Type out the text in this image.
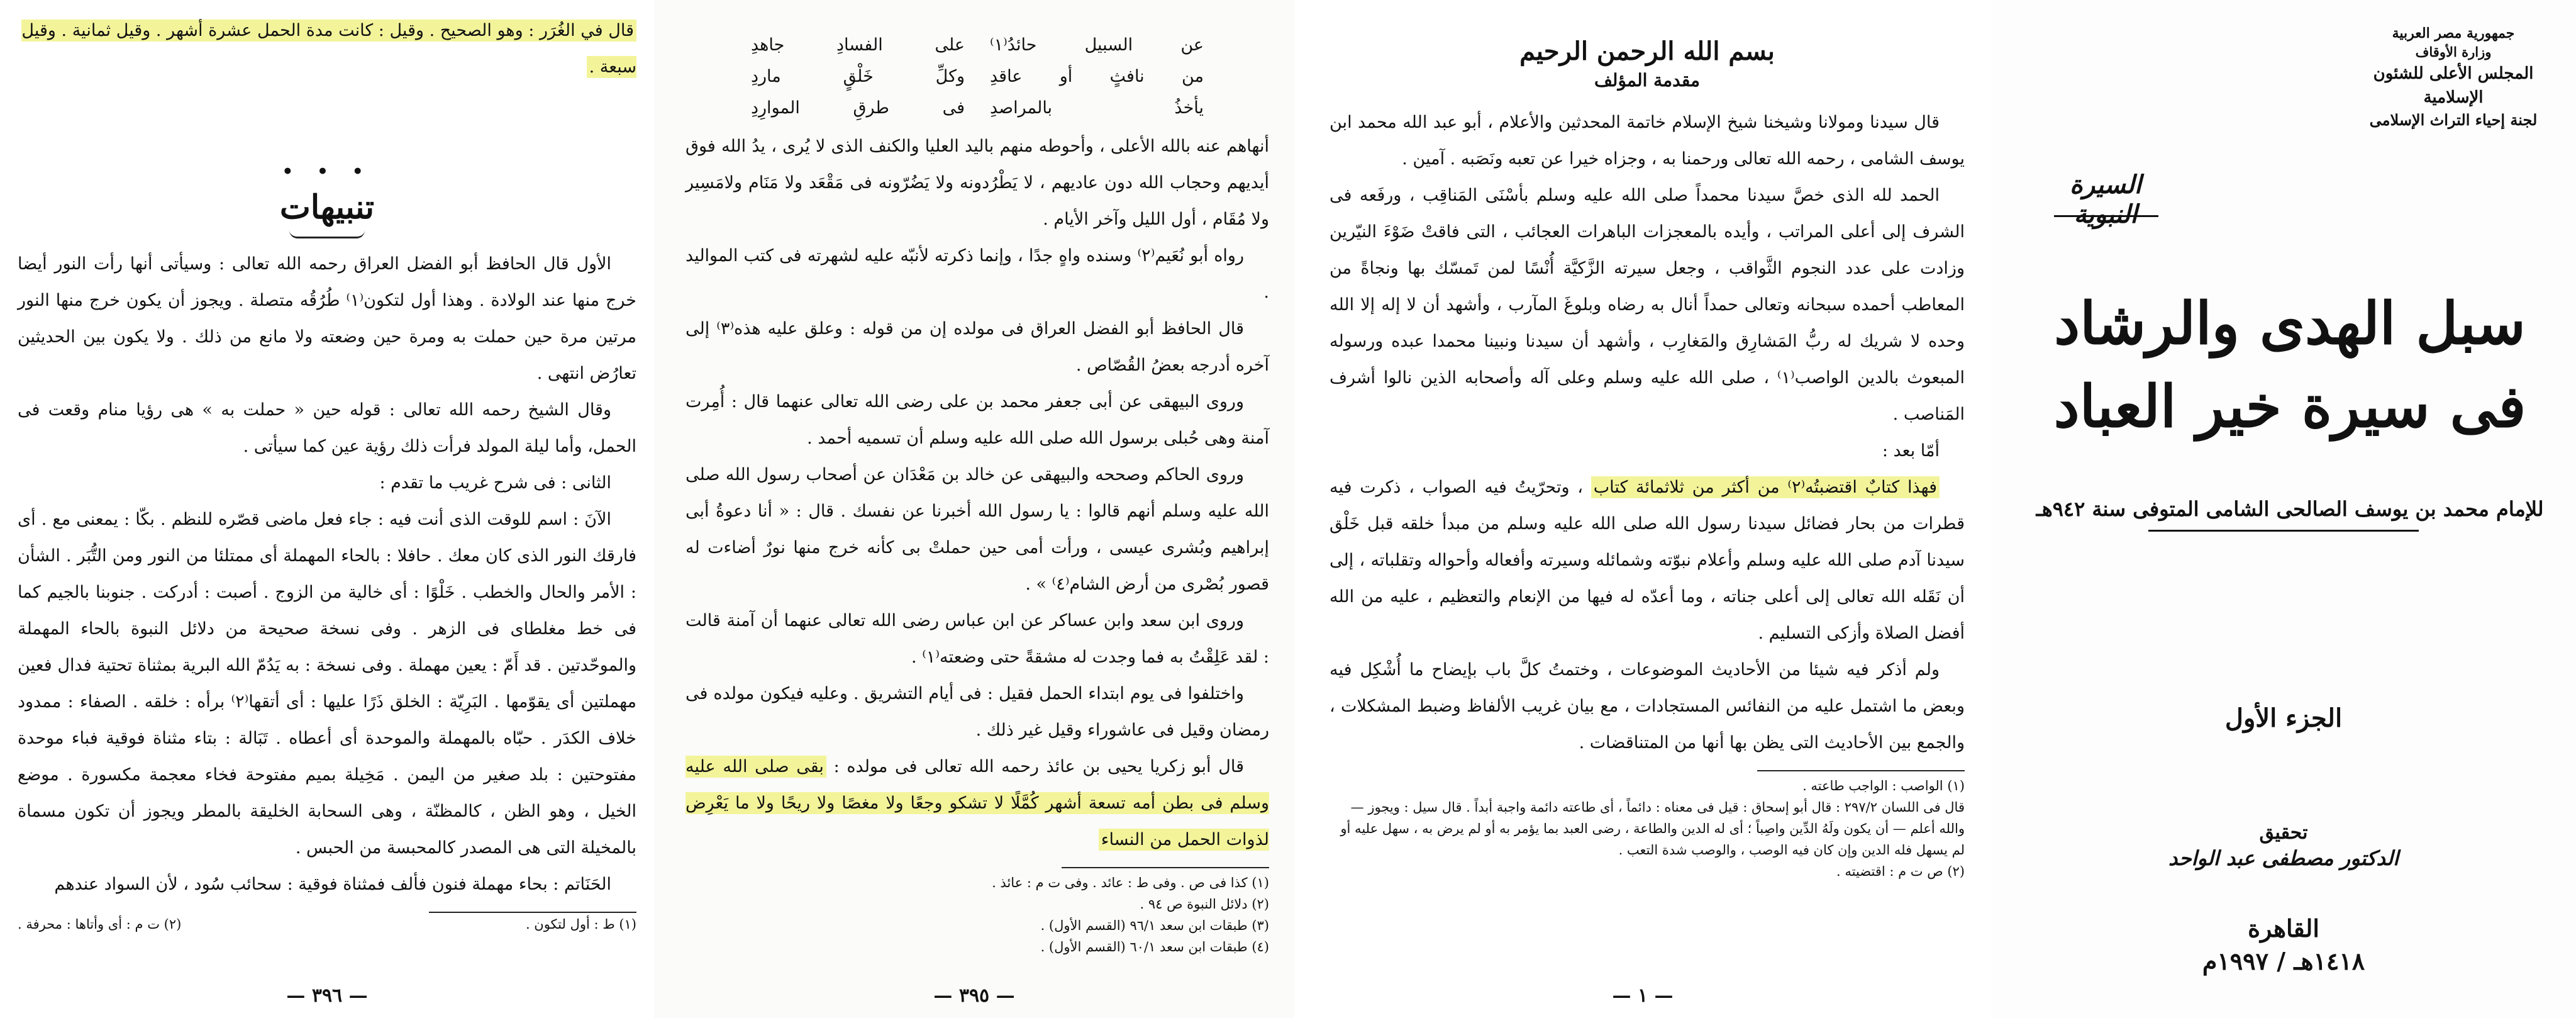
قال في الغُرَر : وهو الصحيح . وقيل : كانت مدة الحمل عشرة أشهر . وقيل ثمانية . وقيل سبعة .

• • •
تنبيهات

الأول قال الحافظ أبو الفضل العراق رحمه الله تعالى : وسيأتى أنها رأت النور أيضا خرج منها عند الولادة . وهذا أول لتكون⁽١⁾ طُرُقُه متصلة . ويجوز أن يكون خرج منها النور مرتين مرة حين حملت به ومرة حين وضعته ولا مانع من ذلك . ولا يكون بين الحديثين تعارُض انتهى .

وقال الشيخ رحمه الله تعالى : قوله حين « حملت به » هى رؤيا منام وقعت فى الحمل، وأما ليلة المولد فرأت ذلك رؤية عين كما سيأتى .

الثانى : فى شرح غريب ما تقدم :

الآنَ : اسم للوقت الذى أنت فيه : جاء فعل ماضى قصّره للنظم . بكّا : يمعنى مع . أى فارقك النور الذى كان معك . حافلا : بالحاء المهملة أى ممتلئا من النور ومن التُّبَر . الشأن : الأمر والحال والخطب . خَلْوًا : أى خالية من الزوج . أصبت : أدركت . جنوبنا بالجيم كما فى خط مغلطاى فى الزهر . وفى نسخة صحيحة من دلائل النبوة بالحاء المهملة والموحّدتين . قد أَمّ : يعين مهملة . وفى نسخة : به يَدُمّ الله البرية بمثناة تحتية فدال فعين مهملتين أى يقوّمها . البَرِيّة : الخلق ذَرًا عليها : أى أتقها⁽٢⁾ برأه : خلقه . الصفاء : ممدود خلاف الكدَر . حبّاه بالمهملة والموحدة أى أعطاه . تَبَالة : بتاء مثناة فوقية فباء موحدة مفتوحتين : بلد صغير من اليمن . مَخِيلة بميم مفتوحة فخاء معجمة مكسورة . موضع الخيل ، وهو الظن ، كالمظنّة ، وهى السحابة الخليقة بالمطر ويجوز أن تكون مسماة بالمخيلة التى هى المصدر كالمحبسة من الحبس .

الحَنَاتم : بحاء مهملة فنون فألف فمثناة فوقية : سحائب سُود ، لأن السواد عندهم

(١) ط : أول لتكون .
(٢) ت م : أى وأتاها : محرفة .
— ٣٩٦ —
عن السبيل حائدُ⁽١⁾
على الفسادِ جاهدِ
من نافثٍ أو عاقدِ
وكلِّ خَلْقٍ ماردِ
يأخذُ بالمراصدِ
فى طرقِ الموارِدِ

أنهاهم عنه بالله الأعلى ، وأحوطه منهم باليد العليا والكنف الذى لا يُرى ، يدُ الله فوق أيديهم وحجاب الله دون عاديهم ، لا يَطْرُدونه ولا يَضُرّونه فى مَقْعَد ولا مَنَام ولامَسِير ولا مُقَام ، أول الليل وآخر الأيام .

رواه أبو نُعَيم⁽٢⁾ وسنده واهٍ جدًا ، وإنما ذكرته لأنبّه عليه لشهرته فى كتب المواليد .

قال الحافظ أبو الفضل العراق فى مولده إن من قوله : وعلق عليه هذه⁽٣⁾ إلى آخره أدرجه بعضُ القُصّاص .

وروى البيهقى عن أبى جعفر محمد بن على رضى الله تعالى عنهما قال : أُمِرت آمنة وهى حُبلى برسول الله صلى الله عليه وسلم أن تسميه أحمد .

وروى الحاكم وصححه والبيهقى عن خالد بن مَعْدَان عن أصحاب رسول الله صلى الله عليه وسلم أنهم قالوا : يا رسول الله أخبرنا عن نفسك . قال : « أنا دعوةُ أبى إبراهيم وبُشرى عيسى ، ورأت أمى حين حملتْ بى كأنه خرج منها نورٌ أضاءت له قصور بُصْرى من أرض الشام⁽٤⁾ » .

وروى ابن سعد وابن عساكر عن ابن عباس رضى الله تعالى عنهما أن آمنة قالت : لقد عَلِقْتُ به فما وجدت له مشقةً حتى وضعته⁽١⁾ .

واختلفوا فى يوم ابتداء الحمل فقيل : فى أيام التشريق . وعليه فيكون مولده فى رمضان وقيل فى عاشوراء وقيل غير ذلك .

قال أبو زكريا يحيى بن عائذ رحمه الله تعالى فى مولده : بقى صلى الله عليه وسلم فى بطن أمه تسعة أشهر كُمَّلًا لا تشكو وجعًا ولا مغصًا ولا ريحًا ولا ما يَعْرِض لذوات الحمل من النساء

(١) كذا فى ص . وفى ط : عائد . وفى ت م : عائذ .

(٢) دلائل النبوة ص ٩٤ .

(٣) طبقات ابن سعد ٩٦/١ (القسم الأول) .

(٤) طبقات ابن سعد ٦٠/١ (القسم الأول) .

— ٣٩٥ —
بسم الله الرحمن الرحيم
مقدمة المؤلف

قال سيدنا ومولانا وشيخنا شيخ الإسلام خاتمة المحدثين والأعلام ، أبو عبد الله محمد ابن يوسف الشامى ، رحمه الله تعالى ورحمنا به ، وجزاه خيرا عن تعبه ونَصَبه . آمين .

الحمد لله الذى خصَّ سيدنا محمداً صلى الله عليه وسلم بأسْنَى المَناقِب ، ورفَعه فى الشرف إلى أعلى المراتب ، وأيده بالمعجزات الباهرات العجائب ، التى فاقتْ ضَوْءَ النيّرين وزادت على عدد النجوم الثَّواقب ، وجعل سيرته الزَّكيَّة أُنْسًا لمن تَمسّك بها ونجاةً من المعاطب أحمده سبحانه وتعالى حمداً أنال به رضاه وبلوغَ المآرب ، وأشهد أن لا إله إلا الله وحده لا شريك له ربُّ المَشارِق والمَغارِب ، وأشهد أن سيدنا ونبينا محمدا عبده ورسوله المبعوث بالدين الواصب⁽١⁾ ، صلى الله عليه وسلم وعلى آله وأصحابه الذين نالوا أشرف المَناصب .

أمّا بعد :

فهذا كتابٌ اقتضبتُه⁽٢⁾ من أكثر من ثلاثمائة كتاب ، وتحرّيتُ فيه الصواب ، ذكرت فيه قطرات من بحار فضائل سيدنا رسول الله صلى الله عليه وسلم من مبدأ خلقه قبل خَلْق سيدنا آدم صلى الله عليه وسلم وأعلام نبوّته وشمائله وسيرته وأفعاله وأحواله وتقلباته ، إلى أن نَقَله الله تعالى إلى أعلى جناته ، وما أعدّه له فيها من الإنعام والتعظيم ، عليه من الله أفضل الصلاة وأزكى التسليم .

ولم أذكر فيه شيئا من الأحاديث الموضوعات ، وختمتُ كلَّ باب بإيضاح ما أُشْكِل فيه وبعض ما اشتمل عليه من النفائس المستجادات ، مع بيان غريب الألفاظ وضبط المشكلات ، والجمع بين الأحاديث التى يظن بها أنها من المتناقضات .

(١) الواصب : الواجب طاعته .

قال فى اللسان ٢٩٧/٢ : قال أبو إسحاق : قيل فى معناه : دائماً ، أى طاعته دائمة واجبة أبداً . قال سيل : ويجوز — والله أعلم — أن يكون ولَهُ الدِّين واصِباً ؛ أى له الدين والطاعة ، رضى العبد بما يؤمر به أو لم يرض به ، سهل عليه أو لم يسهل فله الدين وإن كان فيه الوصب ، والوصب شدة التعب .

(٢) ص ت م : اقتضيته .

— ١ —
جمهورية مصر العربية
وزارة الأوقاف
المجلس الأعلى للشئون الإسلامية
لجنة إحياء التراث الإسلامى
السيرة النبوية
سبل الهدى والرشاد
فى سيرة خير العباد
للإمام محمد بن يوسف الصالحى الشامى المتوفى سنة ٩٤٢هـ
الجزء الأول
تحقيق
الدكتور مصطفى عبد الواحد
القاهرة
١٤١٨هـ / ١٩٩٧م
